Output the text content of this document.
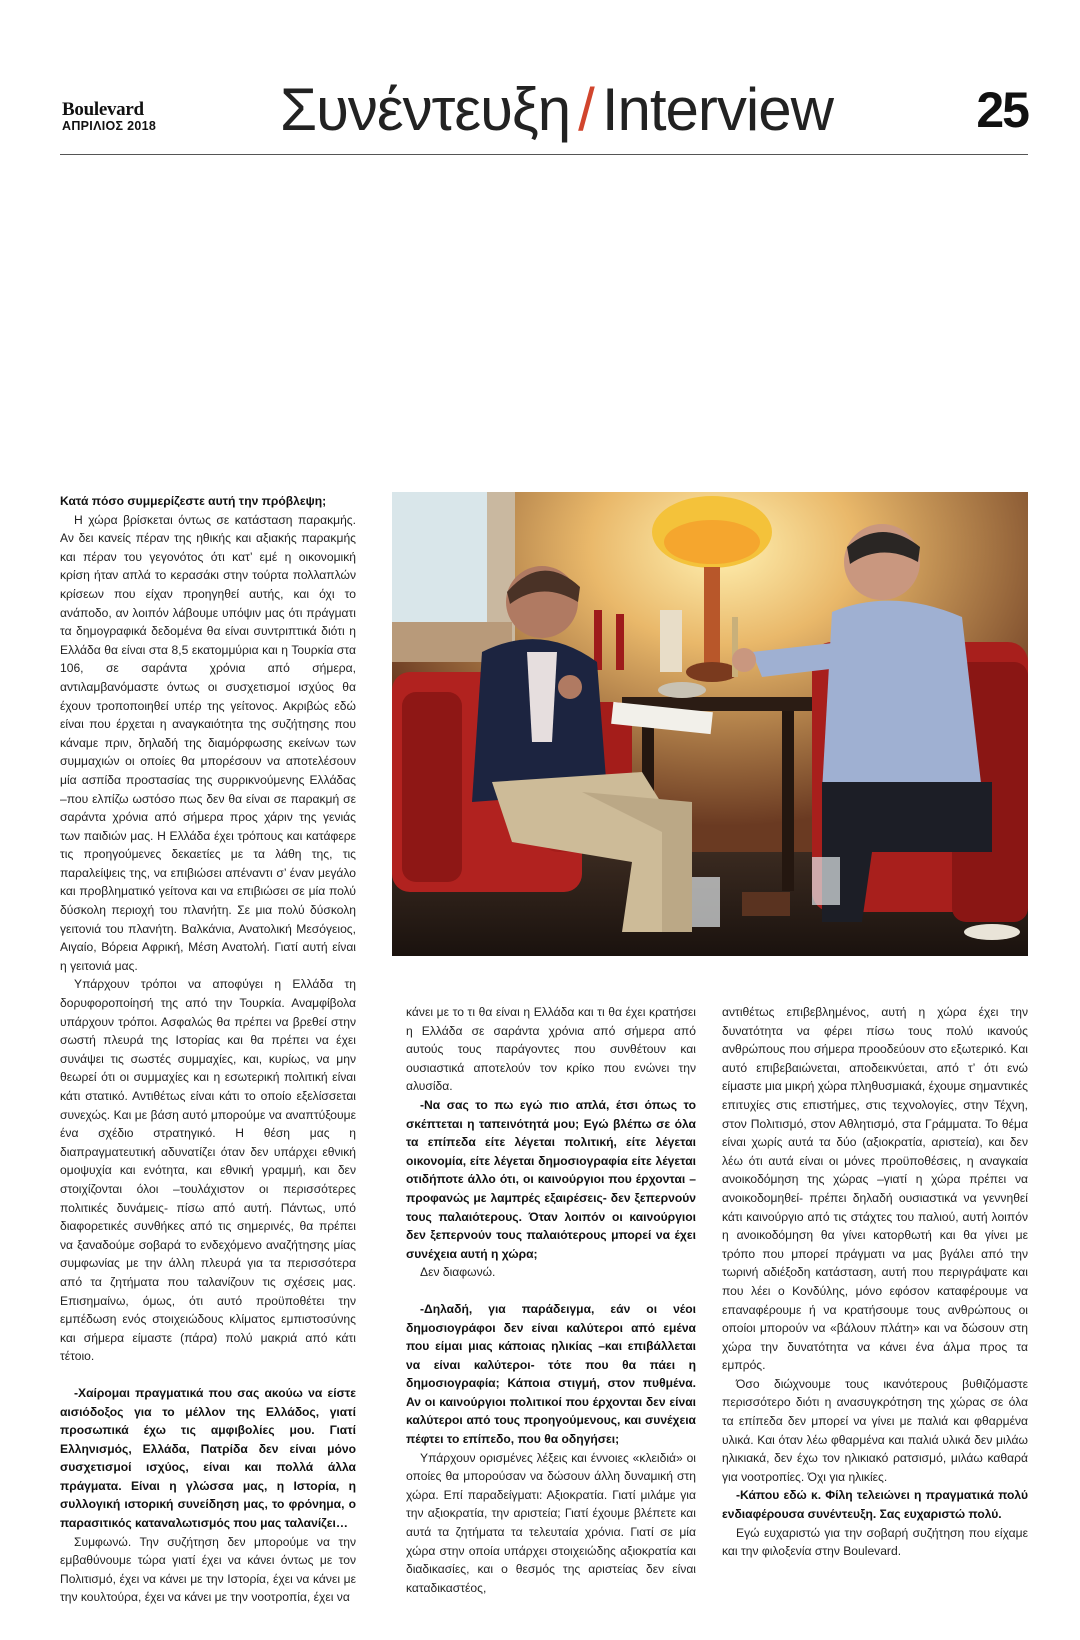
Boulevard
ΑΠΡΙΛΙΟΣ 2018 Συνέντευξη / Interview	25

Κατά πόσο συμμερίζεστε αυτή την πρόβλεψη;

Η χώρα βρίσκεται όντως σε κατάσταση παρακμής. Αν δει κανείς πέραν της ηθικής και αξιακής παρακμής και πέραν του γεγονότος ότι κατ’ εμέ η οικονομική κρίση ήταν απλά το κερασάκι στην τούρτα πολλαπλών κρίσεων που είχαν προηγηθεί αυτής, και όχι το ανάποδο, αν λοιπόν λάβουμε υπόψιν μας ότι πράγματι τα δημογραφικά δεδομένα θα είναι συντριπτικά διότι η Ελλάδα θα είναι στα 8,5 εκατομμύρια και η Τουρκία στα 106, σε σαράντα χρόνια από σήμερα, αντιλαμβανόμαστε όντως οι συσχετισμοί ισχύος θα έχουν τροποποιηθεί υπέρ της γείτονος. Ακριβώς εδώ είναι που έρχεται η αναγκαιότητα της συζήτησης που κάναμε πριν, δηλαδή της διαμόρφωσης εκείνων των συμμαχιών οι οποίες θα μπορέσουν να αποτελέσουν μία ασπίδα προστασίας της συρρικνούμενης Ελλάδας –που ελπίζω ωστόσο πως δεν θα είναι σε παρακμή σε σαράντα χρόνια από σήμερα προς χάριν της γενιάς των παιδιών μας. Η Ελλάδα έχει τρόπους και κατάφερε τις προηγούμενες δεκαετίες με τα λάθη της, τις παραλείψεις της, να επιβιώσει απέναντι σ’ έναν μεγάλο και προβληματικό γείτονα και να επιβιώσει σε μία πολύ δύσκολη περιοχή του πλανήτη. Σε μια πολύ δύσκολη γειτονιά του πλανήτη. Βαλκάνια, Ανατολική Μεσόγειος, Αιγαίο, Βόρεια Αφρική, Μέση Ανατολή. Γιατί αυτή είναι η γειτονιά μας.

Υπάρχουν τρόποι να αποφύγει η Ελλάδα τη δορυφοροποίησή της από την Τουρκία. Αναμφίβολα υπάρχουν τρόποι. Ασφαλώς θα πρέπει να βρεθεί στην σωστή πλευρά της Ιστορίας και θα πρέπει να έχει συνάψει τις σωστές συμμαχίες, και, κυρίως, να μην θεωρεί ότι οι συμμαχίες και η εσωτερική πολιτική είναι κάτι στατικό. Αντιθέτως είναι κάτι το οποίο εξελίσσεται συνεχώς. Και με βάση αυτό μπορούμε να αναπτύξουμε ένα σχέδιο στρατηγικό. Η θέση μας η διαπραγματευτική αδυνατίζει όταν δεν υπάρχει εθνική ομοψυχία και ενότητα, και εθνική γραμμή, και δεν στοιχίζονται όλοι –τουλάχιστον οι περισσότερες πολιτικές δυνάμεις- πίσω από αυτή. Πάντως, υπό διαφορετικές συνθήκες από τις σημερινές, θα πρέπει να ξαναδούμε σοβαρά το ενδεχόμενο αναζήτησης μίας συμφωνίας με την άλλη πλευρά για τα περισσότερα από τα ζητήματα που ταλανίζουν τις σχέσεις μας. Επισημαίνω, όμως, ότι αυτό προϋποθέτει την εμπέδωση ενός στοιχειώδους κλίματος εμπιστοσύνης και σήμερα είμαστε (πάρα) πολύ μακριά από κάτι τέτοιο.

-Χαίρομαι πραγματικά που σας ακούω να είστε αισιόδοξος για το μέλλον της Ελλάδος, γιατί προσωπικά έχω τις αμφιβολίες μου. Γιατί Ελληνισμός, Ελλάδα, Πατρίδα δεν είναι μόνο συσχετισμοί ισχύος, είναι και πολλά άλλα πράγματα. Είναι η γλώσσα μας, η Ιστορία, η συλλογική ιστορική συνείδηση μας, το φρόνημα, ο παρασιτικός καταναλωτισμός που μας ταλανίζει…

Συμφωνώ. Την συζήτηση δεν μπορούμε να την εμβαθύνουμε τώρα γιατί έχει να κάνει όντως με τον Πολιτισμό, έχει να κάνει με την Ιστορία, έχει να κάνει με την κουλτούρα, έχει να κάνει με την νοοτροπία, έχει να

κάνει με το τι θα είναι η Ελλάδα και τι θα έχει κρατήσει η Ελλάδα σε σαράντα χρόνια από σήμερα από αυτούς τους παράγοντες που συνθέτουν και ουσιαστικά αποτελούν τον κρίκο που ενώνει την αλυσίδα.

-Να σας το πω εγώ πιο απλά, έτσι όπως το σκέπτεται η ταπεινότητά μου; Εγώ βλέπω σε όλα τα επίπεδα είτε λέγεται πολιτική, είτε λέγεται οικονομία, είτε λέγεται δημοσιογραφία είτε λέγεται οτιδήποτε άλλο ότι, οι καινούργιοι που έρχονται –προφανώς με λαμπρές εξαιρέσεις- δεν ξεπερνούν τους παλαιότερους. Όταν λοιπόν οι καινούργιοι δεν ξεπερνούν τους παλαιότερους μπορεί να έχει συνέχεια αυτή η χώρα;

Δεν διαφωνώ.

-Δηλαδή, για παράδειγμα, εάν οι νέοι δημοσιογράφοι δεν είναι καλύτεροι από εμένα που είμαι μιας κάποιας ηλικίας –και επιβάλλεται να είναι καλύτεροι- τότε που θα πάει η δημοσιογραφία; Κάποια στιγμή, στον πυθμένα. Αν οι καινούργιοι πολιτικοί που έρχονται δεν είναι καλύτεροι από τους προηγούμενους, και συνέχεια πέφτει το επίπεδο, που θα οδηγήσει;

Υπάρχουν ορισμένες λέξεις και έννοιες «κλειδιά» οι οποίες θα μπορούσαν να δώσουν άλλη δυναμική στη χώρα. Επί παραδείγματι: Αξιοκρατία. Γιατί μιλάμε για την αξιοκρατία, την αριστεία; Γιατί έχουμε βλέπετε και αυτά τα ζητήματα τα τελευταία χρόνια. Γιατί σε μία χώρα στην οποία υπάρχει στοιχειώδης αξιοκρατία και διαδικασίες, και ο θεσμός της αριστείας δεν είναι καταδικαστέος,

αντιθέτως επιβεβλημένος, αυτή η χώρα έχει την δυνατότητα να φέρει πίσω τους πολύ ικανούς ανθρώπους που σήμερα προοδεύουν στο εξωτερικό. Και αυτό επιβεβαιώνεται, αποδεικνύεται, από τ’ ότι ενώ είμαστε μια μικρή χώρα πληθυσμιακά, έχουμε σημαντικές επιτυχίες στις επιστήμες, στις τεχνολογίες, στην Τέχνη, στον Πολιτισμό, στον Αθλητισμό, στα Γράμματα. Το θέμα είναι χωρίς αυτά τα δύο (αξιοκρατία, αριστεία), και δεν λέω ότι αυτά είναι οι μόνες προϋποθέσεις, η αναγκαία ανοικοδόμηση της χώρας –γιατί η χώρα πρέπει να ανοικοδομηθεί- πρέπει δηλαδή ουσιαστικά να γεννηθεί κάτι καινούργιο από τις στάχτες του παλιού, αυτή λοιπόν η ανοικοδόμηση θα γίνει κατορθωτή και θα γίνει με τρόπο που μπορεί πράγματι να μας βγάλει από την τωρινή αδιέξοδη κατάσταση, αυτή που περιγράψατε και που λέει ο Κονδύλης, μόνο εφόσον καταφέρουμε να επαναφέρουμε ή να κρατήσουμε τους ανθρώπους οι οποίοι μπορούν να «βάλουν πλάτη» και να δώσουν στη χώρα την δυνατότητα να κάνει ένα άλμα προς τα εμπρός.

Όσο διώχνουμε τους ικανότερους βυθιζόμαστε περισσότερο διότι η ανασυγκρότηση της χώρας σε όλα τα επίπεδα δεν μπορεί να γίνει με παλιά και φθαρμένα υλικά. Και όταν λέω φθαρμένα και παλιά υλικά δεν μιλάω ηλικιακά, δεν έχω τον ηλικιακό ρατσισμό, μιλάω καθαρά για νοοτροπίες. Όχι για ηλικίες.

-Κάπου εδώ κ. Φίλη τελειώνει η πραγματικά πολύ ενδιαφέρουσα συνέντευξη. Σας ευχαριστώ πολύ.

Εγώ ευχαριστώ για την σοβαρή συζήτηση που είχαμε και την φιλοξενία στην Boulevard.
